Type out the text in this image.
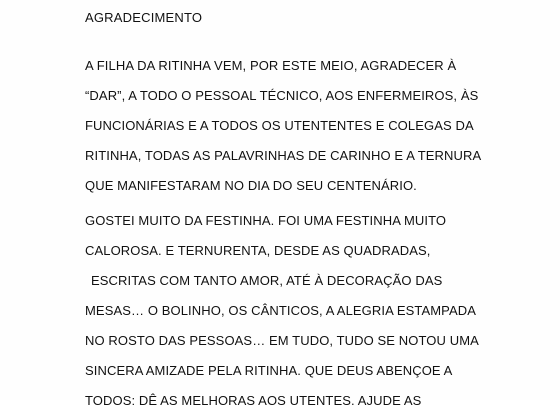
AGRADECIMENTO
A FILHA DA RITINHA VEM, POR ESTE MEIO, AGRADECER À
“DAR”, A TODO O PESSOAL TÉCNICO, AOS ENFERMEIROS, ÀS
FUNCIONÁRIAS E A TODOS OS UTENTENTES E COLEGAS DA
RITINHA, TODAS AS PALAVRINHAS DE CARINHO E A TERNURA
QUE MANIFESTARAM NO DIA DO SEU CENTENÁRIO.
GOSTEI MUITO DA FESTINHA. FOI UMA FESTINHA MUITO
CALOROSA. E TERNURENTA, DESDE AS QUADRADAS,
ESCRITAS COM TANTO AMOR, ATÉ À DECORAÇÃO DAS
MESAS… O BOLINHO, OS CÂNTICOS, A ALEGRIA ESTAMPADA
NO ROSTO DAS PESSOAS… EM TUDO, TUDO SE NOTOU UMA
SINCERA AMIZADE PELA RITINHA. QUE DEUS ABENÇOE A
TODOS: DÊ AS MELHORAS AOS UTENTES. AJUDE AS
